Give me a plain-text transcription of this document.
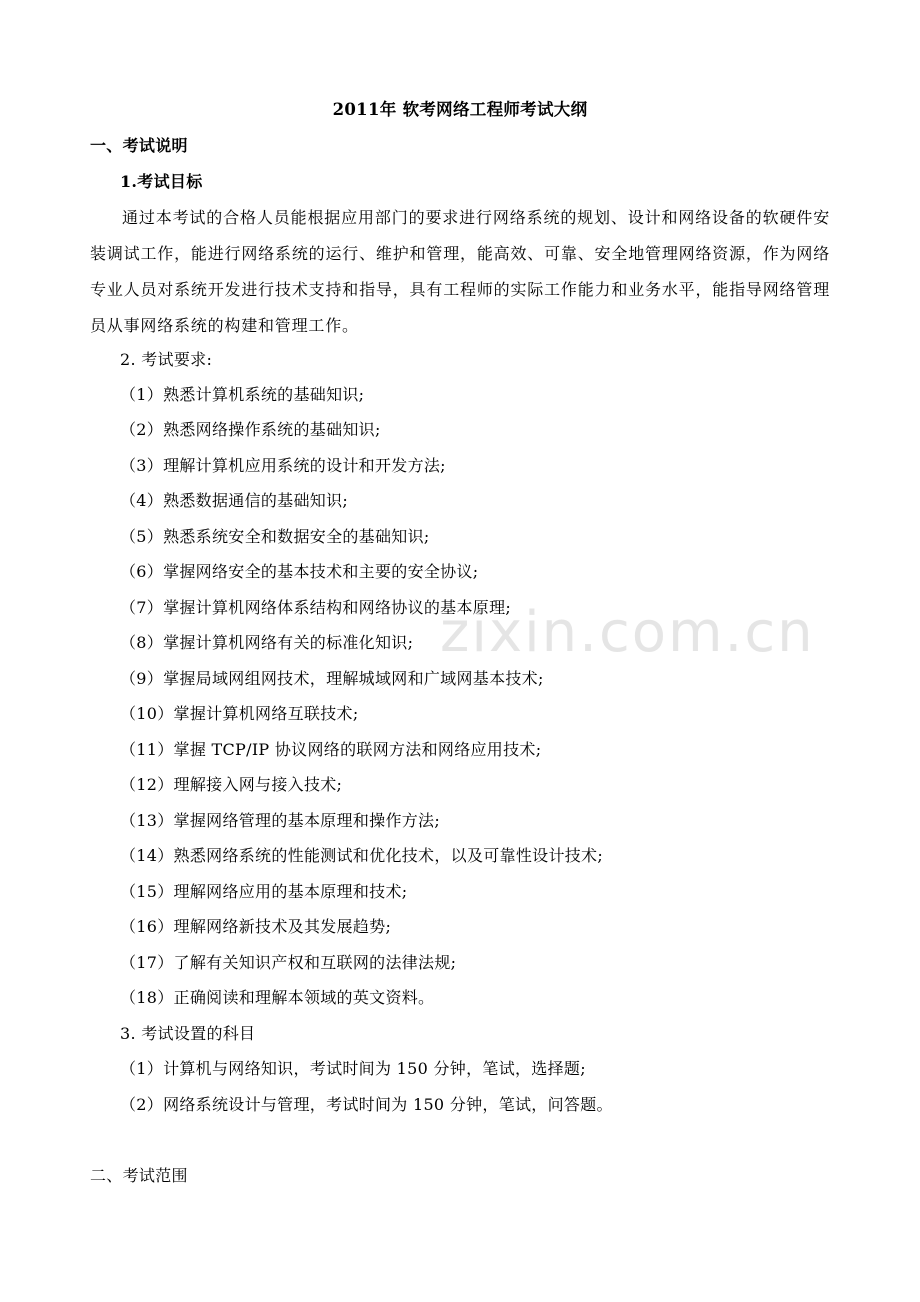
2011年 软考网络工程师考试大纲
一、考试说明
1.考试目标

通过本考试的合格人员能根据应用部门的要求进行网络系统的规划、设计和网络设备的软硬件安装调试工作，能进行网络系统的运行、维护和管理，能高效、可靠、安全地管理网络资源，作为网络专业人员对系统开发进行技术支持和指导，具有工程师的实际工作能力和业务水平，能指导网络管理员从事网络系统的构建和管理工作。

2. 考试要求:
（1）熟悉计算机系统的基础知识;
（2）熟悉网络操作系统的基础知识;
（3）理解计算机应用系统的设计和开发方法;
（4）熟悉数据通信的基础知识;
（5）熟悉系统安全和数据安全的基础知识;
（6）掌握网络安全的基本技术和主要的安全协议;
（7）掌握计算机网络体系结构和网络协议的基本原理;
（8）掌握计算机网络有关的标准化知识;
（9）掌握局域网组网技术，理解城域网和广域网基本技术;
（10）掌握计算机网络互联技术;
（11）掌握 TCP/IP 协议网络的联网方法和网络应用技术;
（12）理解接入网与接入技术;
（13）掌握网络管理的基本原理和操作方法;
（14）熟悉网络系统的性能测试和优化技术，以及可靠性设计技术;
（15）理解网络应用的基本原理和技术;
（16）理解网络新技术及其发展趋势;
（17）了解有关知识产权和互联网的法律法规;
（18）正确阅读和理解本领域的英文资料。
3. 考试设置的科目
（1）计算机与网络知识，考试时间为 150 分钟，笔试，选择题;
（2）网络系统设计与管理，考试时间为 150 分钟，笔试，问答题。
二、考试范围
zixin.com.cn
